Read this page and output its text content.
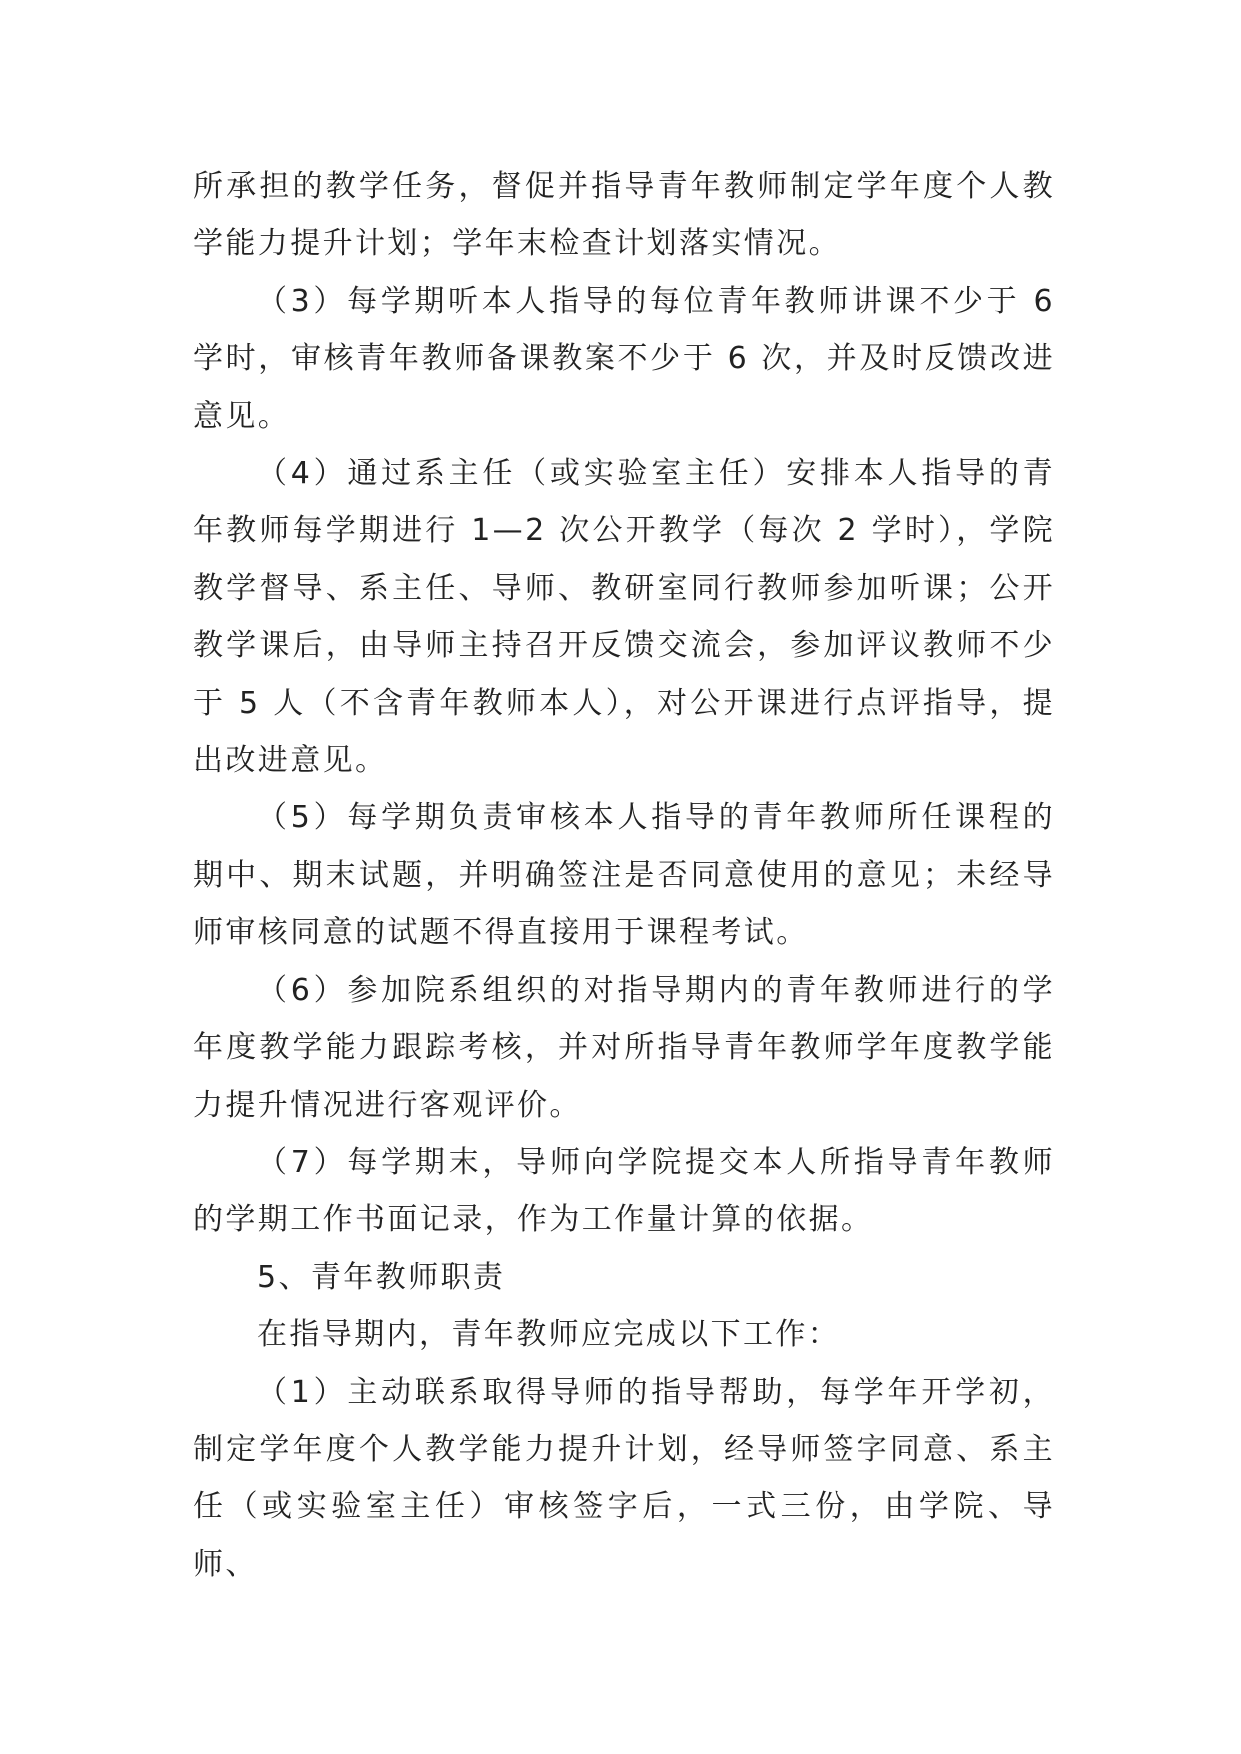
所承担的教学任务，督促并指导青年教师制定学年度个人教学能力提升计划；学年末检查计划落实情况。

（3）每学期听本人指导的每位青年教师讲课不少于 6 学时，审核青年教师备课教案不少于 6 次，并及时反馈改进意见。

（4）通过系主任（或实验室主任）安排本人指导的青年教师每学期进行 1—2 次公开教学（每次 2 学时），学院教学督导、系主任、导师、教研室同行教师参加听课；公开教学课后，由导师主持召开反馈交流会，参加评议教师不少于 5 人（不含青年教师本人），对公开课进行点评指导，提出改进意见。

（5）每学期负责审核本人指导的青年教师所任课程的期中、期末试题，并明确签注是否同意使用的意见；未经导师审核同意的试题不得直接用于课程考试。

（6）参加院系组织的对指导期内的青年教师进行的学年度教学能力跟踪考核，并对所指导青年教师学年度教学能力提升情况进行客观评价。

（7）每学期末，导师向学院提交本人所指导青年教师的学期工作书面记录，作为工作量计算的依据。

5、青年教师职责

在指导期内，青年教师应完成以下工作：

（1）主动联系取得导师的指导帮助，每学年开学初，制定学年度个人教学能力提升计划，经导师签字同意、系主任（或实验室主任）审核签字后，一式三份，由学院、导师、
